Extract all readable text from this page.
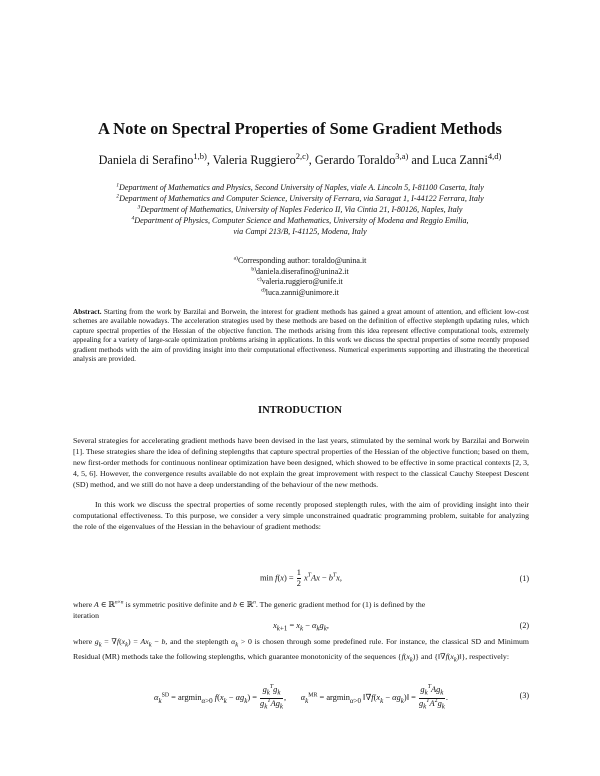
A Note on Spectral Properties of Some Gradient Methods
Daniela di Serafino$^{1,b)}$, Valeria Ruggiero$^{2,c)}$, Gerardo Toraldo$^{3,a)}$ and Luca Zanni$^{4,d)}$
$^1$Department of Mathematics and Physics, Second University of Naples, viale A. Lincoln 5, I-81100 Caserta, Italy
$^2$Department of Mathematics and Computer Science, University of Ferrara, via Saragat 1, I-44122 Ferrara, Italy
$^3$Department of Mathematics, University of Naples Federico II, Via Cintia 21, I-80126, Naples, Italy
$^4$Department of Physics, Computer Science and Mathematics, University of Modena and Reggio Emilia,
via Campi 213/B, I-41125, Modena, Italy
$^{a)}$Corresponding author: toraldo@unina.it
$^{b)}$daniela.diserafino@unina2.it
$^{c)}$valeria.ruggiero@unife.it
$^{d)}$luca.zanni@unimore.it
Abstract. Starting from the work by Barzilai and Borwein, the interest for gradient methods has gained a great amount of attention, and efficient low-cost schemes are available nowadays. The acceleration strategies used by these methods are based on the definition of effective steplength updating rules, which capture spectral properties of the Hessian of the objective function. The methods arising from this idea represent effective computational tools, extremely appealing for a variety of large-scale optimization problems arising in applications. In this work we discuss the spectral properties of some recently proposed gradient methods with the aim of providing insight into their computational effectiveness. Numerical experiments supporting and illustrating the theoretical analysis are provided.
INTRODUCTION
Several strategies for accelerating gradient methods have been devised in the last years, stimulated by the seminal work by Barzilai and Borwein [1]. These strategies share the idea of defining steplengths that capture spectral properties of the Hessian of the objective function; based on them, new first-order methods for continuous nonlinear optimization have been designed, which showed to be effective in some practical contexts [2, 3, 4, 5, 6]. However, the convergence results available do not explain the great improvement with respect to the classical Cauchy Steepest Descent (SD) method, and we still do not have a deep understanding of the behaviour of the new methods.
In this work we discuss the spectral properties of some recently proposed steplength rules, with the aim of providing insight into their computational effectiveness. To this purpose, we consider a very simple unconstrained quadratic programming problem, suitable for analyzing the role of the eigenvalues of the Hessian in the behaviour of gradient methods:
$\min f(x) = \frac{1}{2} x^TAx - b^Tx$,	(1)
where A ∈ ℝ$^{n\times n}$ is symmetric positive definite and b ∈ ℝ$^n$. The generic gradient method for (1) is defined by the
iteration
$x_{k+1} = x_k - \alpha_kg_k$,	(2)
where $g_k = \nabla f(x_k) = Ax_k - b$, and the steplength $\alpha_k > 0$ is chosen through some predefined rule. For instance, the classical SD and Minimum Residual (MR) methods take the following steplengths, which guarantee monotonicity of the sequences $\{f(x_k)\}$ and $\{‖\nabla f(x_k)‖\}$, respectively:
$\alpha_k^{SD} = argmin_{\alpha>0}$ $f(x_k - \alpha g_k) = \frac{g_k^Tg_k}{g_k^TAg_k}$ ,       $\alpha_k^{MR} = argmin_{\alpha>0}$ $‖\nabla f(x_k$ − $\alpha g_k)‖ = \frac{g_k^TAg_k}{g_k^TA^2g_k}$ .	(3)
